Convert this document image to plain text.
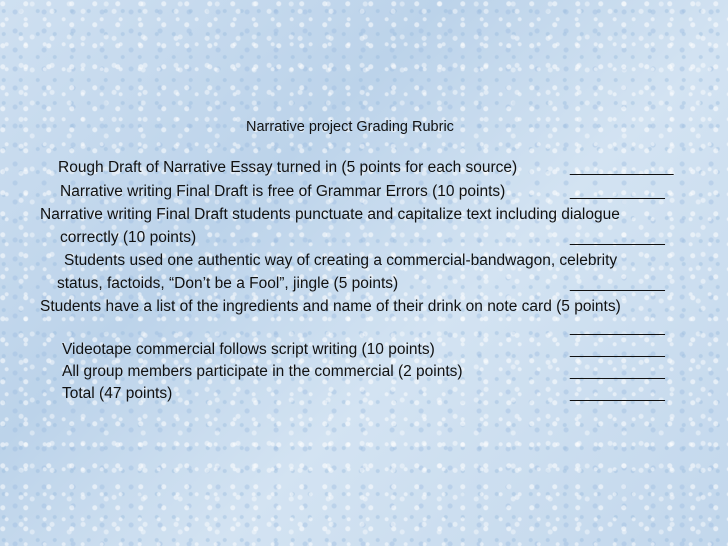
Narrative project Grading Rubric
Rough Draft of Narrative Essay turned in (5 points for each source)	____________
Narrative writing Final Draft is free of Grammar Errors (10 points)	___________
Narrative writing Final Draft students punctuate and capitalize text including dialogue
correctly (10 points)	___________
Students used one authentic way of creating a commercial-bandwagon, celebrity
status, factoids, “Don’t be a Fool”, jingle (5 points)	___________
Students have a list of the ingredients and name of their drink on note card (5 points)
___________
Videotape commercial follows script writing (10 points)	___________
All group members participate in the commercial (2 points)	___________
Total (47 points)	___________
